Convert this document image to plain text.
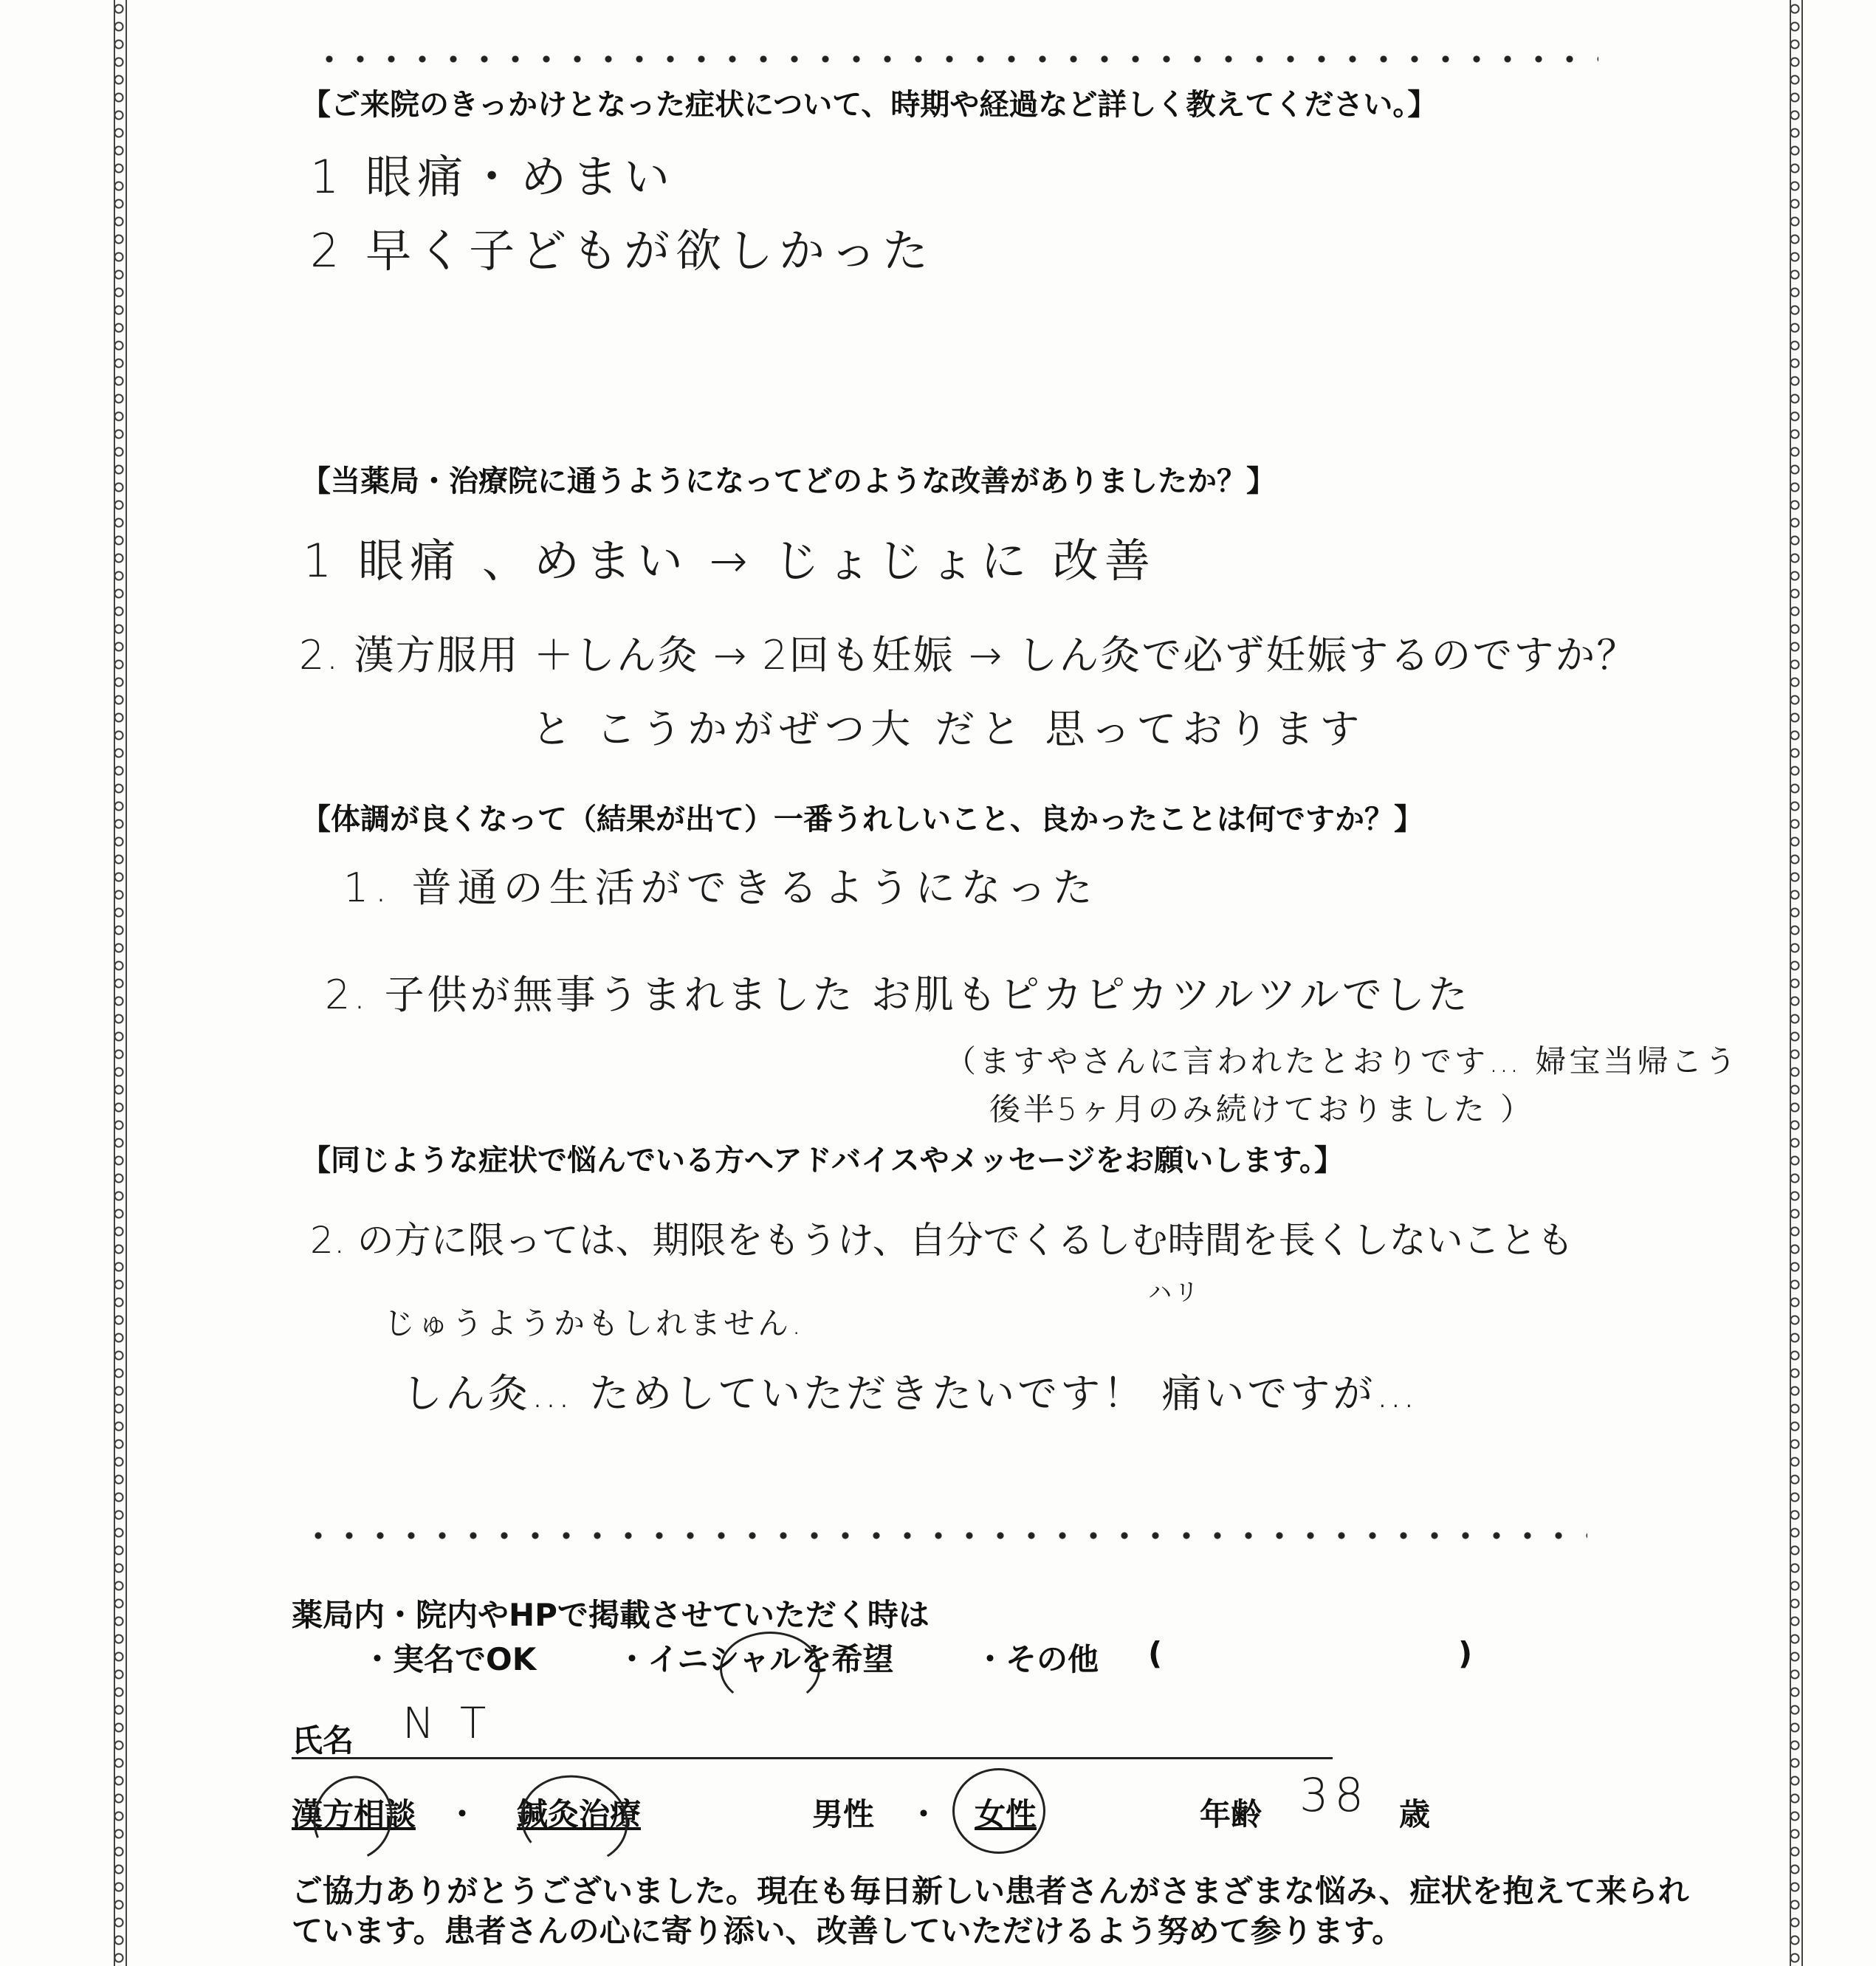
【ご来院のきっかけとなった症状について、時期や経過など詳しく教えてください。】
1 眼痛・めまい
2 早く子どもが欲しかった
【当薬局・治療院に通うようになってどのような改善がありましたか？】
1 眼痛 、めまい → じょじょに 改善
2. 漢方服用 ＋しん灸 → 2回も妊娠 → しん灸で必ず妊娠するのですか？
と こうかがぜつ大 だと 思っております
【体調が良くなって（結果が出て）一番うれしいこと、良かったことは何ですか？】
1. 普通の生活ができるようになった
2. 子供が無事うまれました お肌もピカピカツルツルでした
（ますやさんに言われたとおりです… 婦宝当帰こう
後半5ヶ月のみ続けておりました ）
【同じような症状で悩んでいる方へアドバイスやメッセージをお願いします。】
2. の方に限っては、期限をもうけ、自分でくるしむ時間を長くしないことも
じゅうようかもしれません.
ハリ
しん灸… ためしていただきたいです！ 痛いですが…
薬局内・院内やHPで掲載させていただく時は
・実名でOK	・イニシャルを希望	・その他 (	)
氏名 N T
漢方相談 ・ 鍼灸治療	男性 ・ 女性	年齢 38 歳
ご協力ありがとうございました。現在も毎日新しい患者さんがさまざまな悩み、症状を抱えて来られています。患者さんの心に寄り添い、改善していただけるよう努めて参ります。
